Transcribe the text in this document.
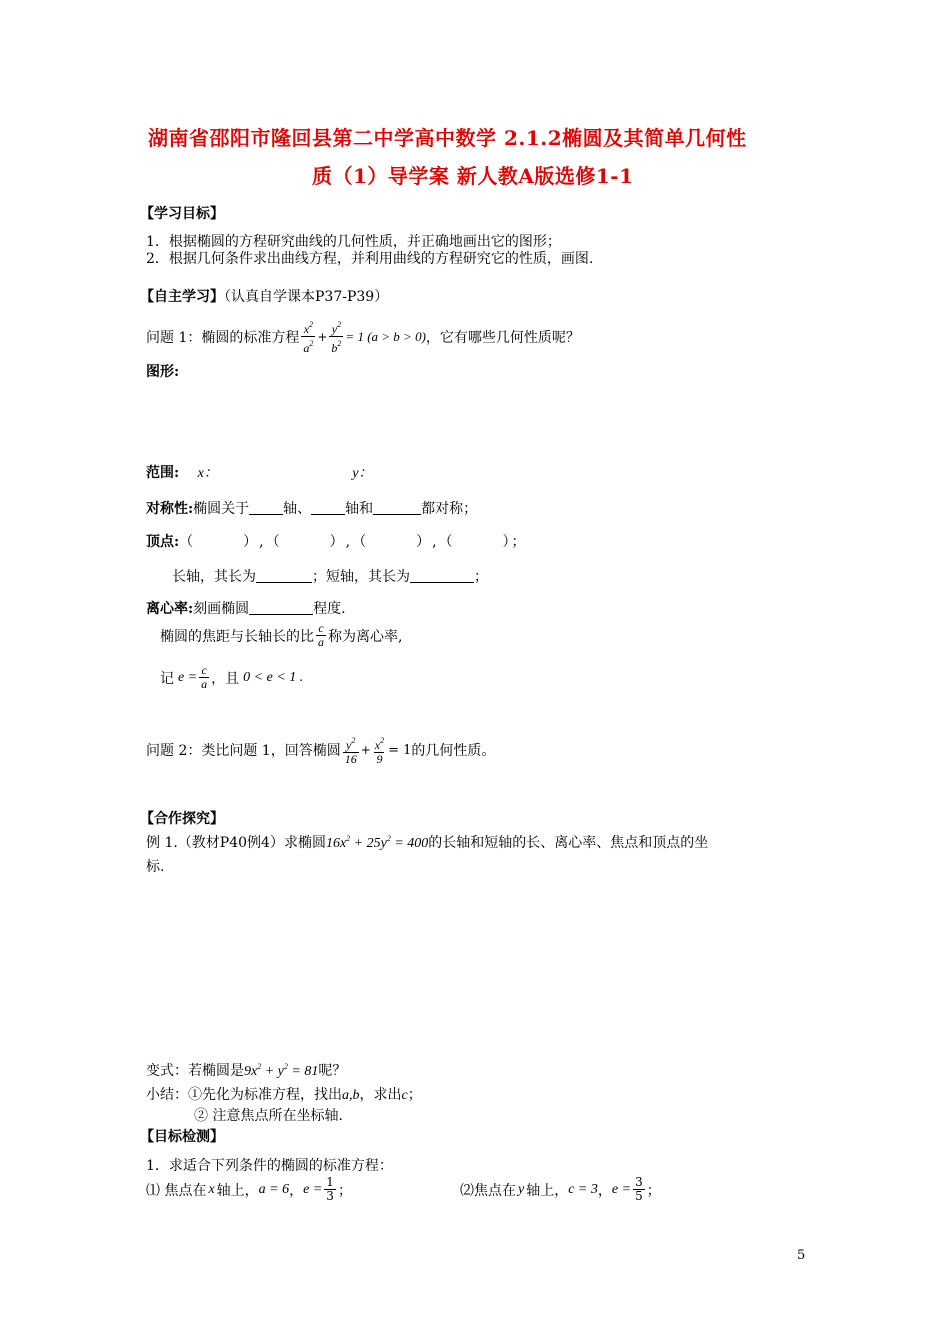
湖南省邵阳市隆回县第二中学高中数学 2.1.2椭圆及其简单几何性
质（1）导学案 新人教A版选修1-1
【学习目标】
1．根据椭圆的方程研究曲线的几何性质，并正确地画出它的图形；
2．根据几何条件求出曲线方程，并利用曲线的方程研究它的性质，画图.
【自主学习】（认真自学课本P37-P39）
问题 1：椭圆的标准方程 $\frac{x^2}{a^2} + \frac{y^2}{b^2} = 1$ (a > b > 0) ，它有哪些几何性质呢？
图形:
范围: x：	y：
对称性:椭圆关于 轴、 轴和	都对称；
顶点:（　　　）,（　　　）,（　　　）,（　　　）；
长轴，其长为	；短轴，其长为	；
离心率:刻画椭圆	程度.
椭圆的焦距与长轴长的比 $\frac{c}{a}$ 称为离心率,
记 $e = \frac{c}{a}$ ，且 0 < e < 1 .
问题 2：类比问题 1，回答椭圆 $\frac{y^2}{16} + \frac{x^2}{9} = 1$ 的几何性质。
【合作探究】
例 1.（教材P40例4）求椭圆$16x^2 + 25y^2 = 400$的长轴和短轴的长、离心率、焦点和顶点的坐
标.
变式：若椭圆是$9x^2 + y^2 = 81$呢？
小结：①先化为标准方程，找出a,b，求出c；
② 注意焦点所在坐标轴.
【目标检测】
1．求适合下列条件的椭圆的标准方程：
⑴ 焦点在 x 轴上， a = 6 ， $e = \frac{1}{3}$ ；	⑵焦点在 y 轴上， c = 3 ， $e = \frac{3}{5}$ ；
5
